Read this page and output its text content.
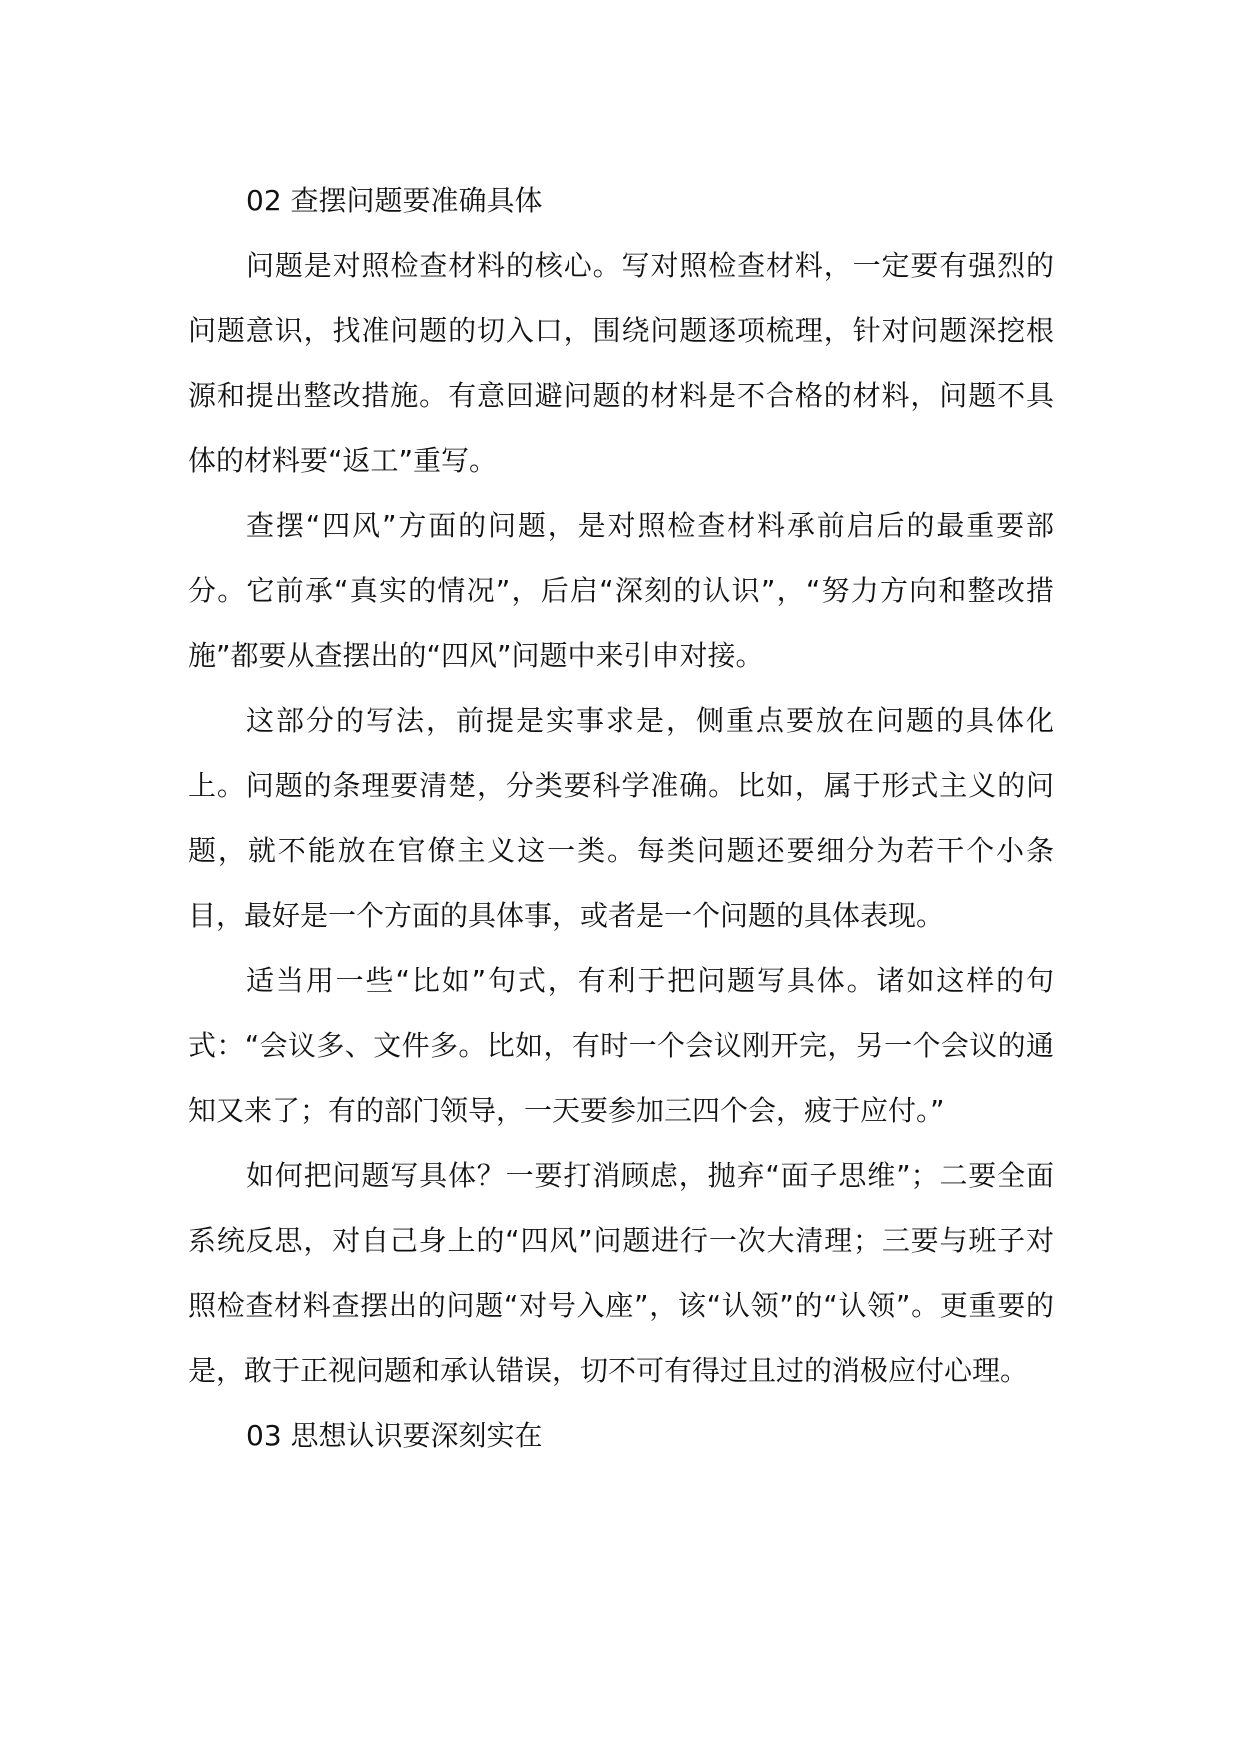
02 查摆问题要准确具体

问题是对照检查材料的核心。写对照检查材料，一定要有强烈的问题意识，找准问题的切入口，围绕问题逐项梳理，针对问题深挖根源和提出整改措施。有意回避问题的材料是不合格的材料，问题不具体的材料要“返工”重写。

查摆“四风”方面的问题，是对照检查材料承前启后的最重要部分。它前承“真实的情况”，后启“深刻的认识”，“努力方向和整改措施”都要从查摆出的“四风”问题中来引申对接。

这部分的写法，前提是实事求是，侧重点要放在问题的具体化上。问题的条理要清楚，分类要科学准确。比如，属于形式主义的问题，就不能放在官僚主义这一类。每类问题还要细分为若干个小条目，最好是一个方面的具体事，或者是一个问题的具体表现。

适当用一些“比如”句式，有利于把问题写具体。诸如这样的句式：“会议多、文件多。比如，有时一个会议刚开完，另一个会议的通知又来了；有的部门领导，一天要参加三四个会，疲于应付。”

如何把问题写具体？一要打消顾虑，抛弃“面子思维”；二要全面系统反思，对自己身上的“四风”问题进行一次大清理；三要与班子对照检查材料查摆出的问题“对号入座”，该“认领”的“认领”。更重要的是，敢于正视问题和承认错误，切不可有得过且过的消极应付心理。

03 思想认识要深刻实在
